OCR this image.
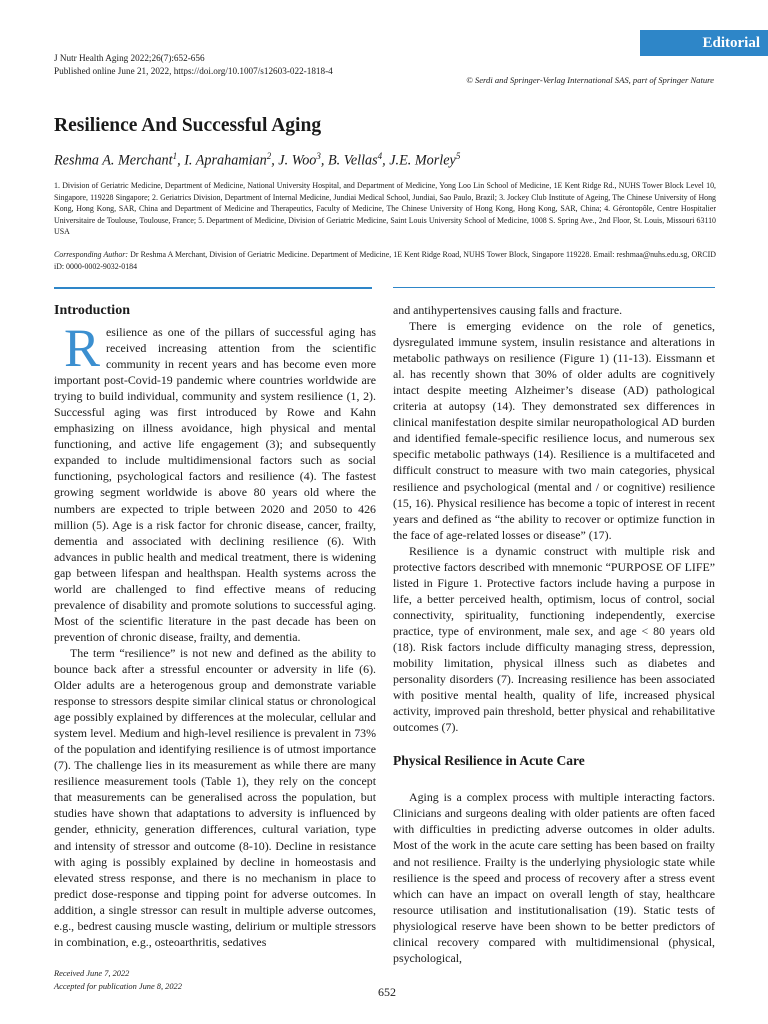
Editorial
J Nutr Health Aging 2022;26(7):652-656
Published online June 21, 2022, https://doi.org/10.1007/s12603-022-1818-4
© Serdi and Springer-Verlag International SAS, part of Springer Nature
Resilience And Successful Aging
Reshma A. Merchant$^1$, I. Aprahamian$^2$, J. Woo$^3$, B. Vellas$^4$, J.E. Morley$^5$
1. Division of Geriatric Medicine, Department of Medicine, National University Hospital, and Department of Medicine, Yong Loo Lin School of Medicine, 1E Kent Ridge Rd., NUHS Tower Block Level 10, Singapore, 119228 Singapore; 2. Geriatrics Division, Department of Internal Medicine, Jundiai Medical School, Jundiai, Sao Paulo, Brazil; 3. Jockey Club Institute of Ageing, The Chinese University of Hong Kong, Hong Kong, SAR, China and Department of Medicine and Therapeutics, Faculty of Medicine, The Chinese University of Hong Kong, Hong Kong, SAR, China; 4. Gérontopôle, Centre Hospitalier Universitaire de Toulouse, Toulouse, France; 5. Department of Medicine, Division of Geriatric Medicine, Saint Louis University School of Medicine, 1008 S. Spring Ave., 2nd Floor, St. Louis, Missouri 63110 USA
Corresponding Author: Dr Reshma A Merchant, Division of Geriatric Medicine. Department of Medicine, 1E Kent Ridge Road, NUHS Tower Block, Singapore 119228. Email: reshmaa@nuhs.edu.sg, ORCID iD: 0000-0002-9032-0184
Introduction

Resilience as one of the pillars of successful aging has received increasing attention from the scientific community in recent years and has become even more important post-Covid-19 pandemic where countries worldwide are trying to build individual, community and system resilience (1, 2). Successful aging was first introduced by Rowe and Kahn emphasizing on illness avoidance, high physical and mental functioning, and active life engagement (3); and subsequently expanded to include multidimensional factors such as social functioning, psychological factors and resilience (4). The fastest growing segment worldwide is above 80 years old where the numbers are expected to triple between 2020 and 2050 to 426 million (5). Age is a risk factor for chronic disease, cancer, frailty, dementia and associated with declining resilience (6). With advances in public health and medical treatment, there is widening gap between lifespan and healthspan. Health systems across the world are challenged to find effective means of reducing prevalence of disability and promote solutions to successful aging. Most of the scientific literature in the past decade has been on prevention of chronic disease, frailty, and dementia.

The term “resilience” is not new and defined as the ability to bounce back after a stressful encounter or adversity in life (6). Older adults are a heterogenous group and demonstrate variable response to stressors despite similar clinical status or chronological age possibly explained by differences at the molecular, cellular and system level. Medium and high-level resilience is prevalent in 73% of the population and identifying resilience is of utmost importance (7). The challenge lies in its measurement as while there are many resilience measurement tools (Table 1), they rely on the concept that measurements can be generalised across the population, but studies have shown that adaptations to adversity is influenced by gender, ethnicity, generation differences, cultural variation, type and intensity of stressor and outcome (8-10). Decline in resistance with aging is possibly explained by decline in homeostasis and elevated stress response, and there is no mechanism in place to predict dose-response and tipping point for adverse outcomes. In addition, a single stressor can result in multiple adverse outcomes, e.g., bedrest causing muscle wasting, delirium or multiple stressors in combination, e.g., osteoarthritis, sedatives

and antihypertensives causing falls and fracture.

There is emerging evidence on the role of genetics, dysregulated immune system, insulin resistance and alterations in metabolic pathways on resilience (Figure 1) (11-13). Eissmann et al. has recently shown that 30% of older adults are cognitively intact despite meeting Alzheimer’s disease (AD) pathological criteria at autopsy (14). They demonstrated sex differences in clinical manifestation despite similar neuropathological AD burden and identified female-specific resilience locus, and numerous sex specific metabolic pathways (14). Resilience is a multifaceted and difficult construct to measure with two main categories, physical resilience and psychological (mental and / or cognitive) resilience (15, 16). Physical resilience has become a topic of interest in recent years and defined as “the ability to recover or optimize function in the face of age-related losses or disease” (17).

Resilience is a dynamic construct with multiple risk and protective factors described with mnemonic “PURPOSE OF LIFE” listed in Figure 1. Protective factors include having a purpose in life, a better perceived health, optimism, locus of control, social connectivity, spirituality, functioning independently, exercise practice, type of environment, male sex, and age < 80 years old (18). Risk factors include difficulty managing stress, depression, mobility limitation, physical illness such as diabetes and personality disorders (7). Increasing resilience has been associated with positive mental health, quality of life, increased physical activity, improved pain threshold, better physical and rehabilitative outcomes (7).

Physical Resilience in Acute Care

Aging is a complex process with multiple interacting factors. Clinicians and surgeons dealing with older patients are often faced with difficulties in predicting adverse outcomes in older adults. Most of the work in the acute care setting has been based on frailty and not resilience. Frailty is the underlying physiologic state while resilience is the speed and process of recovery after a stress event which can have an impact on overall length of stay, healthcare resource utilisation and institutionalisation (19). Static tests of physiological reserve have been shown to be better predictors of clinical recovery compared with multidimensional (physical, psychological,

Received June 7, 2022
Accepted for publication June 8, 2022	652
